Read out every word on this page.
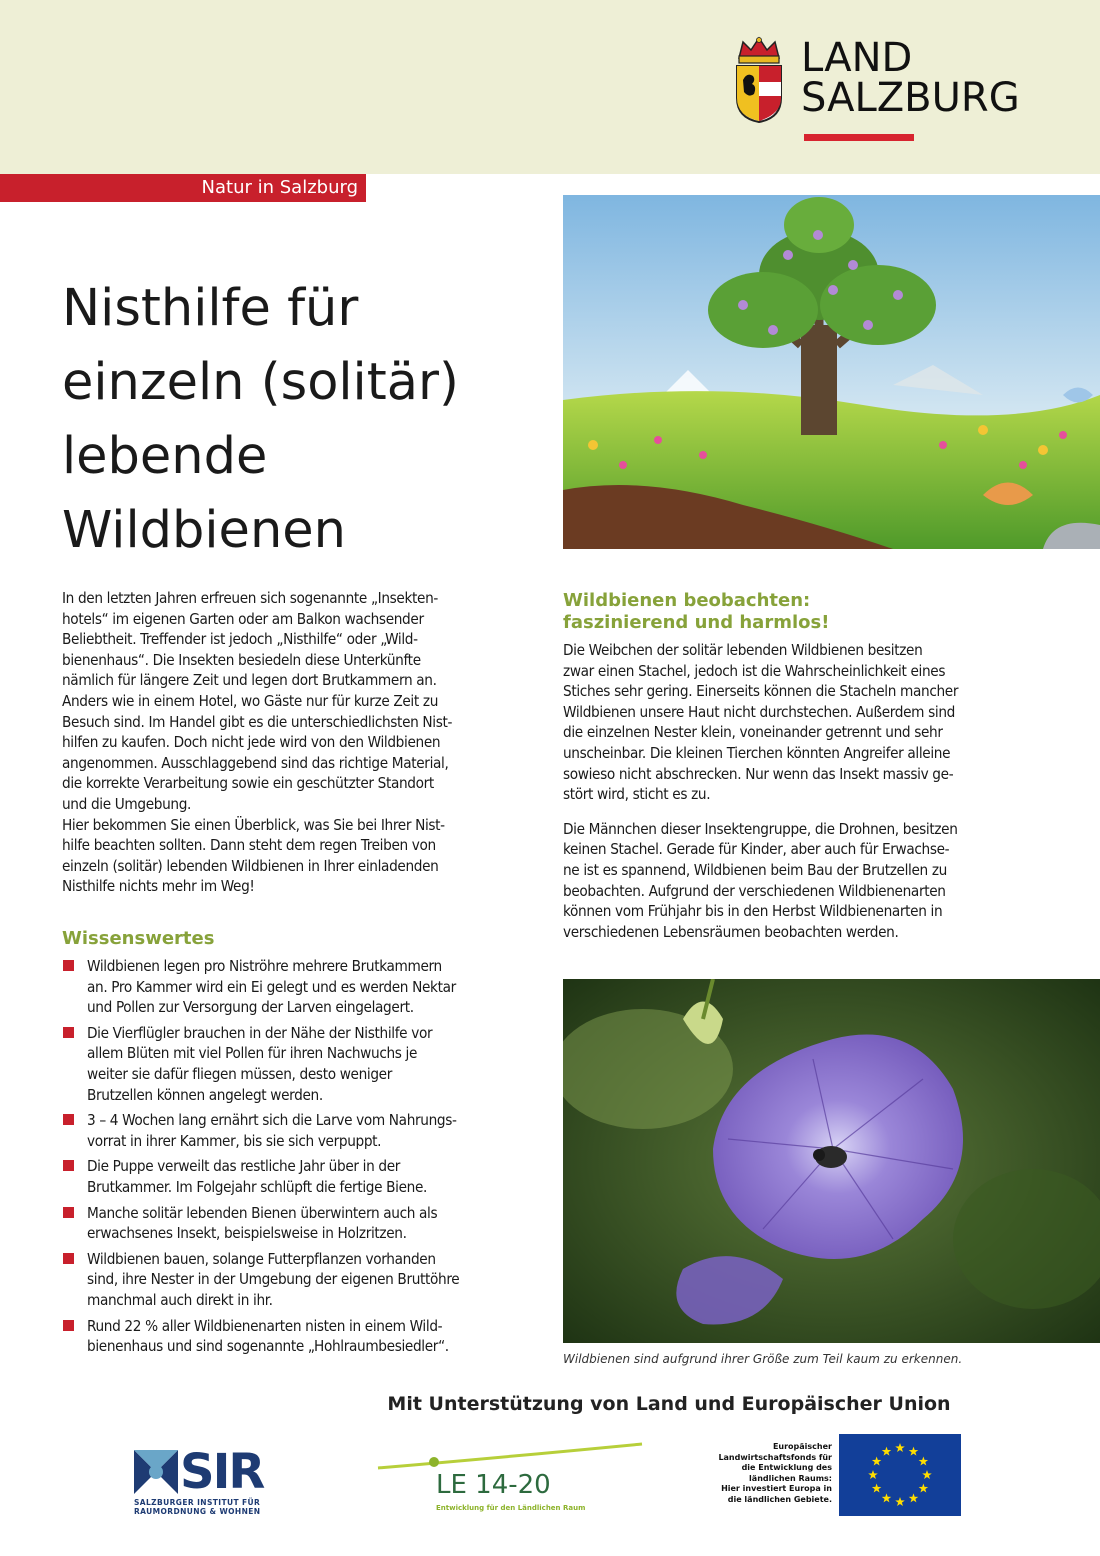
LAND
SALZBURG
Natur in Salzburg
Nisthilfe für
einzeln (solitär)
lebende
Wildbienen
In den letzten Jahren erfreuen sich sogenannte „Insekten-
hotels“ im eigenen Garten oder am Balkon wachsender
Beliebtheit. Treffender ist jedoch „Nisthilfe“ oder „Wild-
bienenhaus“. Die Insekten besiedeln diese Unterkünfte
nämlich für längere Zeit und legen dort Brutkammern an.
Anders wie in einem Hotel, wo Gäste nur für kurze Zeit zu
Besuch sind. Im Handel gibt es die unterschiedlichsten Nist-
hilfen zu kaufen. Doch nicht jede wird von den Wildbienen
angenommen. Ausschlaggebend sind das richtige Material,
die korrekte Verarbeitung sowie ein geschützter Standort
und die Umgebung.
Hier bekommen Sie einen Überblick, was Sie bei Ihrer Nist-
hilfe beachten sollten. Dann steht dem regen Treiben von
einzeln (solitär) lebenden Wildbienen in Ihrer einladenden
Nisthilfe nichts mehr im Weg!
Wissenswertes
Wildbienen legen pro Niströhre mehrere Brutkammern
an. Pro Kammer wird ein Ei gelegt und es werden Nektar
und Pollen zur Versorgung der Larven eingelagert.
Die Vierflügler brauchen in der Nähe der Nisthilfe vor
allem Blüten mit viel Pollen für ihren Nachwuchs je
weiter sie dafür fliegen müssen, desto weniger
Brutzellen können angelegt werden.
3 – 4 Wochen lang ernährt sich die Larve vom Nahrungs-
vorrat in ihrer Kammer, bis sie sich verpuppt.
Die Puppe verweilt das restliche Jahr über in der
Brutkammer. Im Folgejahr schlüpft die fertige Biene.
Manche solitär lebenden Bienen überwintern auch als
erwachsenes Insekt, beispielsweise in Holzritzen.
Wildbienen bauen, solange Futterpflanzen vorhanden
sind, ihre Nester in der Umgebung der eigenen Bruttöhre
manchmal auch direkt in ihr.
Rund 22 % aller Wildbienenarten nisten in einem Wild-
bienenhaus und sind sogenannte „Hohlraumbesiedler“.
Wildbienen beobachten:
faszinierend und harmlos!

Die Weibchen der solitär lebenden Wildbienen besitzen
zwar einen Stachel, jedoch ist die Wahrscheinlichkeit eines
Stiches sehr gering. Einerseits können die Stacheln mancher
Wildbienen unsere Haut nicht durchstechen. Außerdem sind
die einzelnen Nester klein, voneinander getrennt und sehr
unscheinbar. Die kleinen Tierchen könnten Angreifer alleine
sowieso nicht abschrecken. Nur wenn das Insekt massiv ge-
stört wird, sticht es zu.

Die Männchen dieser Insektengruppe, die Drohnen, besitzen
keinen Stachel. Gerade für Kinder, aber auch für Erwachse-
ne ist es spannend, Wildbienen beim Bau der Brutzellen zu
beobachten. Aufgrund der verschiedenen Wildbienenarten
können vom Frühjahr bis in den Herbst Wildbienenarten in
verschiedenen Lebensräumen beobachten werden.

Wildbienen sind aufgrund ihrer Größe zum Teil kaum zu erkennen.
Mit Unterstützung von Land und Europäischer Union
SIR
SALZBURGER INSTITUT FÜR
RAUMORDNUNG & WOHNEN
LE 14-20
Entwicklung für den Ländlichen Raum
Europäischer
Landwirtschaftsfonds für
die Entwicklung des
ländlichen Raums:
Hier investiert Europa in
die ländlichen Gebiete.
